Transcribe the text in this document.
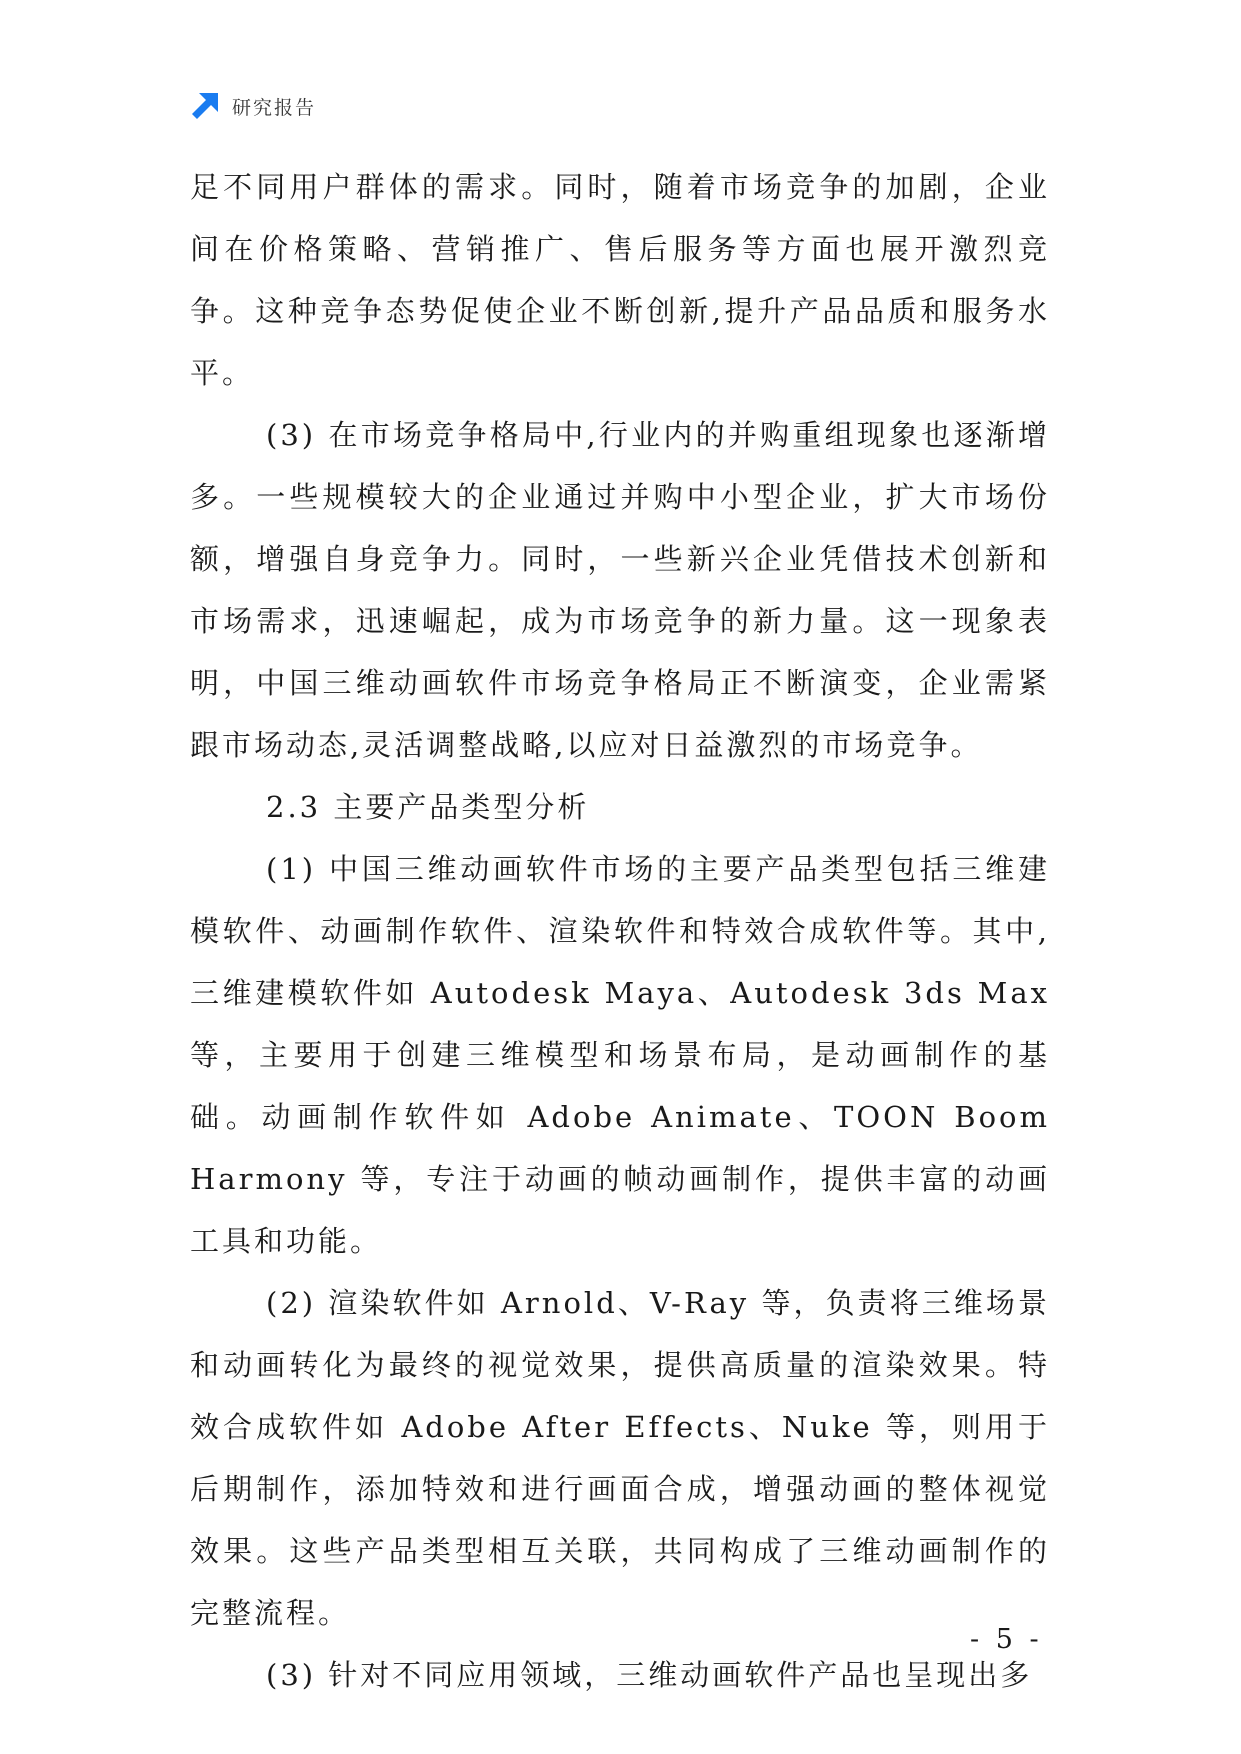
研究报告

足不同用户群体的需求。同时，随着市场竞争的加剧，企业间在价格策略、营销推广、售后服务等方面也展开激烈竞争。这种竞争态势促使企业不断创新,提升产品品质和服务水平。

(3) 在市场竞争格局中,行业内的并购重组现象也逐渐增多。一些规模较大的企业通过并购中小型企业，扩大市场份额，增强自身竞争力。同时，一些新兴企业凭借技术创新和市场需求，迅速崛起，成为市场竞争的新力量。这一现象表明，中国三维动画软件市场竞争格局正不断演变，企业需紧跟市场动态,灵活调整战略,以应对日益激烈的市场竞争。

2.3 主要产品类型分析

(1) 中国三维动画软件市场的主要产品类型包括三维建模软件、动画制作软件、渲染软件和特效合成软件等。其中,三维建模软件如 Autodesk Maya、Autodesk 3ds Max 等，主要用于创建三维模型和场景布局，是动画制作的基础。动画制作软件如 Adobe Animate、TOON Boom Harmony 等，专注于动画的帧动画制作，提供丰富的动画工具和功能。

(2) 渲染软件如 Arnold、V-Ray 等，负责将三维场景和动画转化为最终的视觉效果，提供高质量的渲染效果。特效合成软件如 Adobe After Effects、Nuke 等，则用于后期制作，添加特效和进行画面合成，增强动画的整体视觉效果。这些产品类型相互关联，共同构成了三维动画制作的完整流程。

(3) 针对不同应用领域，三维动画软件产品也呈现出多

- 5 -
